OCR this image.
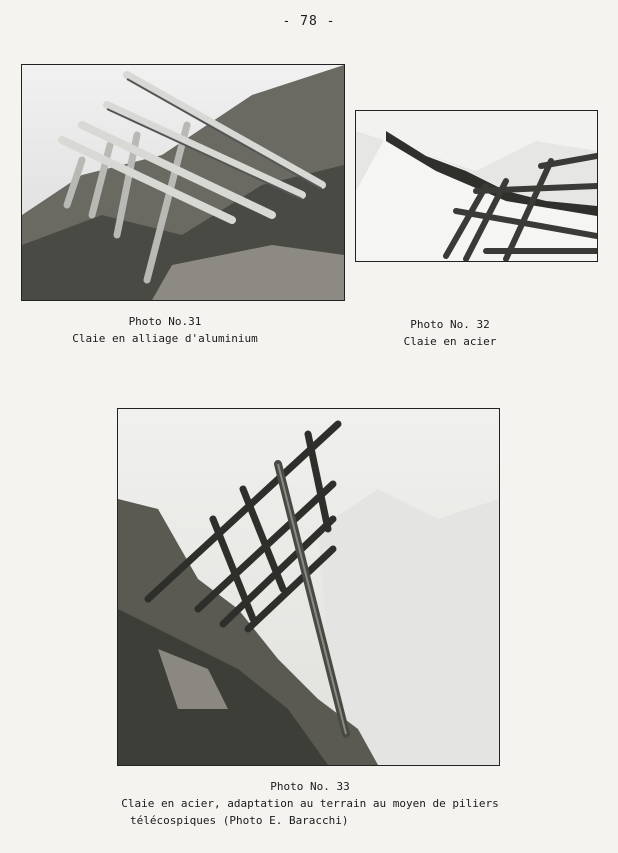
- 78 -
Photo No.31
Claie en alliage d'aluminium
Photo No. 32
Claie en acier
Photo No. 33
Claie en acier, adaptation au terrain au moyen de piliers
télécospiques (Photo E. Baracchi)
